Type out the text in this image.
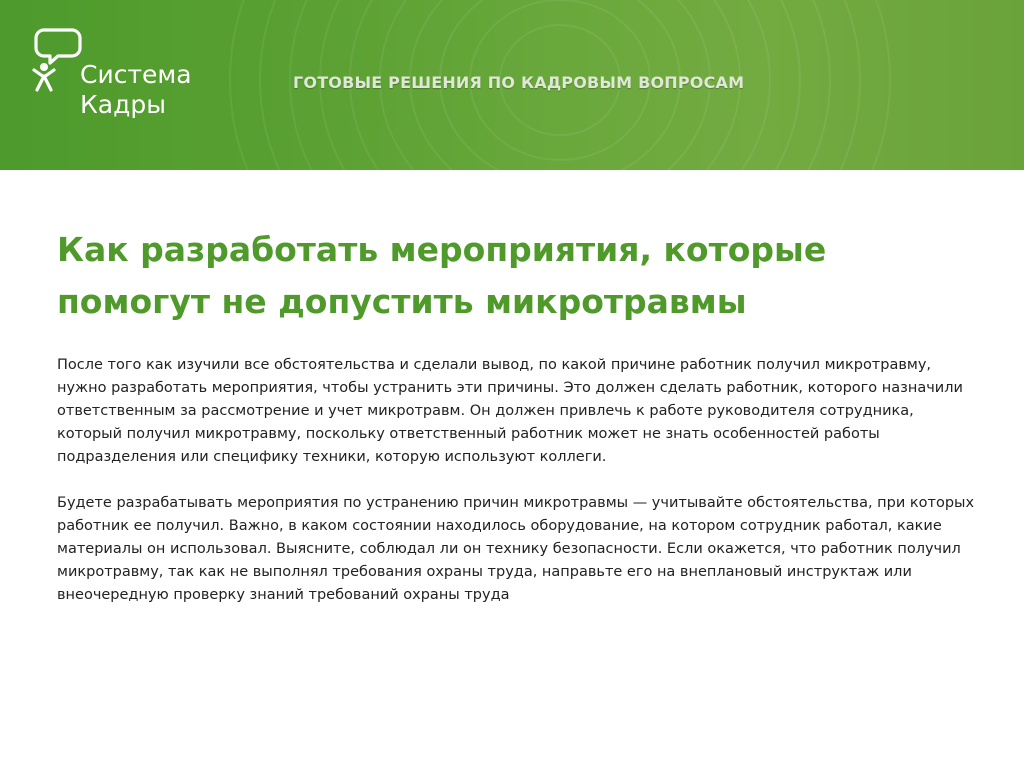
Система
Кадры
ГОТОВЫЕ РЕШЕНИЯ ПО КАДРОВЫМ ВОПРОСАМ
Как разработать мероприятия, которые помогут не допустить микротравмы

После того как изучили все обстоятельства и сделали вывод, по какой причине работник получил микротравму, нужно разработать мероприятия, чтобы устранить эти причины. Это должен сделать работник, которого назначили ответственным за рассмотрение и учет микротравм. Он должен привлечь к работе руководителя сотрудника, который получил микротравму, поскольку ответственный работник может не знать особенностей работы подразделения или специфику техники, которую используют коллеги.

Будете разрабатывать мероприятия по устранению причин микротравмы — учитывайте обстоятельства, при которых работник ее получил. Важно, в каком состоянии находилось оборудование, на котором сотрудник работал, какие материалы он использовал. Выясните, соблюдал ли он технику безопасности. Если окажется, что работник получил микротравму, так как не выполнял требования охраны труда, направьте его на внеплановый инструктаж или внеочередную проверку знаний требований охраны труда
